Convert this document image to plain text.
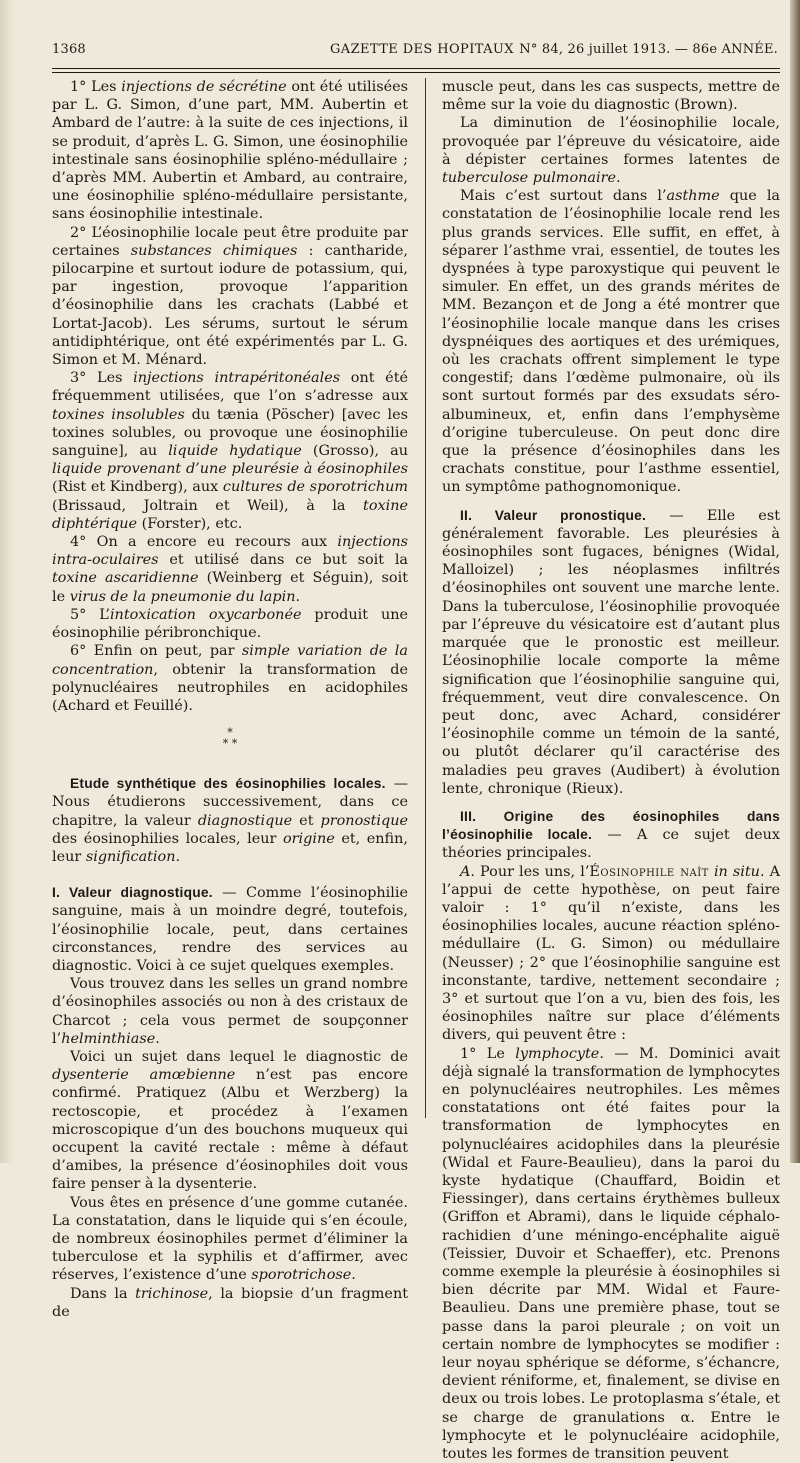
1368	GAZETTE DES HOPITAUX N° 84, 26 juillet 1913. — 86e ANNÉE.

1° Les injections de sécrétine ont été utilisées par L. G. Simon, d’une part, MM. Aubertin et Ambard de l’autre: à la suite de ces injections, il se produit, d’après L. G. Simon, une éosinophilie intestinale sans éosinophilie spléno-médullaire ; d’après MM. Aubertin et Ambard, au contraire, une éosinophilie spléno-médullaire persistante, sans éosinophilie intestinale.

2° L’éosinophilie locale peut être produite par certaines substances chimiques : cantharide, pilocarpine et surtout iodure de potassium, qui, par ingestion, provoque l’apparition d’éosinophilie dans les crachats (Labbé et Lortat-Jacob). Les sérums, surtout le sérum antidiphtérique, ont été expérimentés par L. G. Simon et M. Ménard.

3° Les injections intrapéritonéales ont été fréquemment utilisées, que l’on s’adresse aux toxines insolubles du tænia (Pöscher) [avec les toxines solubles, ou provoque une éosinophilie sanguine], au liquide hydatique (Grosso), au liquide provenant d’une pleurésie à éosinophiles (Rist et Kindberg), aux cultures de sporotrichum (Brissaud, Joltrain et Weil), à la toxine diphtérique (Forster), etc.

4° On a encore eu recours aux injections intra-oculaires et utilisé dans ce but soit la toxine ascaridienne (Weinberg et Séguin), soit le virus de la pneumonie du lapin.

5° L’intoxication oxycarbonée produit une éosinophilie péribronchique.

6° Enfin on peut, par simple variation de la concentration, obtenir la transformation de polynucléaires neutrophiles en acidophiles (Achard et Feuillé).

*
* *

Etude synthétique des éosinophilies locales. — Nous étudierons successivement, dans ce chapitre, la valeur diagnostique et pronostique des éosinophilies locales, leur origine et, enfin, leur signification.

I. Valeur diagnostique. — Comme l’éosinophilie sanguine, mais à un moindre degré, toutefois, l’éosinophilie locale, peut, dans certaines circonstances, rendre des services au diagnostic. Voici à ce sujet quelques exemples.

Vous trouvez dans les selles un grand nombre d’éosinophiles associés ou non à des cristaux de Charcot ; cela vous permet de soupçonner l’helminthiase.

Voici un sujet dans lequel le diagnostic de dysenterie amœbienne n’est pas encore confirmé. Pratiquez (Albu et Werzberg) la rectoscopie, et procédez à l’examen microscopique d’un des bouchons muqueux qui occupent la cavité rectale : même à défaut d’amibes, la présence d’éosinophiles doit vous faire penser à la dysenterie.

Vous êtes en présence d’une gomme cutanée. La constatation, dans le liquide qui s’en écoule, de nombreux éosinophiles permet d’éliminer la tuberculose et la syphilis et d’affirmer, avec réserves, l’existence d’une sporotrichose.

Dans la trichinose, la biopsie d’un fragment de

muscle peut, dans les cas suspects, mettre de même sur la voie du diagnostic (Brown).

La diminution de l’éosinophilie locale, provoquée par l’épreuve du vésicatoire, aide à dépister certaines formes latentes de tuberculose pulmonaire.

Mais c’est surtout dans l’asthme que la constatation de l’éosinophilie locale rend les plus grands services. Elle suffit, en effet, à séparer l’asthme vrai, essentiel, de toutes les dyspnées à type paroxystique qui peuvent le simuler. En effet, un des grands mérites de MM. Bezançon et de Jong a été montrer que l’éosinophilie locale manque dans les crises dyspnéiques des aortiques et des urémiques, où les crachats offrent simplement le type congestif; dans l’œdème pulmonaire, où ils sont surtout formés par des exsudats séro-albumineux, et, enfin dans l’emphysème d’origine tuberculeuse. On peut donc dire que la présence d’éosinophiles dans les crachats constitue, pour l’asthme essentiel, un symptôme pathognomonique.

II. Valeur pronostique. — Elle est généralement favorable. Les pleurésies à éosinophiles sont fugaces, bénignes (Widal, Malloizel) ; les néoplasmes infiltrés d’éosinophiles ont souvent une marche lente. Dans la tuberculose, l’éosinophilie provoquée par l’épreuve du vésicatoire est d’autant plus marquée que le pronostic est meilleur. L’éosinophilie locale comporte la même signification que l’éosinophilie sanguine qui, fréquemment, veut dire convalescence. On peut donc, avec Achard, considérer l’éosinophile comme un témoin de la santé, ou plutôt déclarer qu’il caractérise des maladies peu graves (Audibert) à évolution lente, chronique (Rieux).

III. Origine des éosinophiles dans l’éosinophilie locale. — A ce sujet deux théories principales.

A. Pour les uns, l’Éosinophile naît in situ. A l’appui de cette hypothèse, on peut faire valoir : 1° qu’il n’existe, dans les éosinophilies locales, aucune réaction spléno-médullaire (L. G. Simon) ou médullaire (Neusser) ; 2° que l’éosinophilie sanguine est inconstante, tardive, nettement secondaire ; 3° et surtout que l’on a vu, bien des fois, les éosinophiles naître sur place d’éléments divers, qui peuvent être :

1° Le lymphocyte. — M. Dominici avait déjà signalé la transformation de lymphocytes en polynucléaires neutrophiles. Les mêmes constatations ont été faites pour la transformation de lymphocytes en polynucléaires acidophiles dans la pleurésie (Widal et Faure-Beaulieu), dans la paroi du kyste hydatique (Chauffard, Boidin et Fiessinger), dans certains érythèmes bulleux (Griffon et Abrami), dans le liquide céphalo-rachidien d’une méningo-encéphalite aiguë (Teissier, Duvoir et Schaeffer), etc. Prenons comme exemple la pleurésie à éosinophiles si bien décrite par MM. Widal et Faure-Beaulieu. Dans une première phase, tout se passe dans la paroi pleurale ; on voit un certain nombre de lymphocytes se modifier : leur noyau sphérique se déforme, s’échancre, devient réniforme, et, finalement, se divise en deux ou trois lobes. Le protoplasma s’étale, et se charge de granulations α. Entre le lymphocyte et le polynucléaire acidophile, toutes les formes de transition peuvent
